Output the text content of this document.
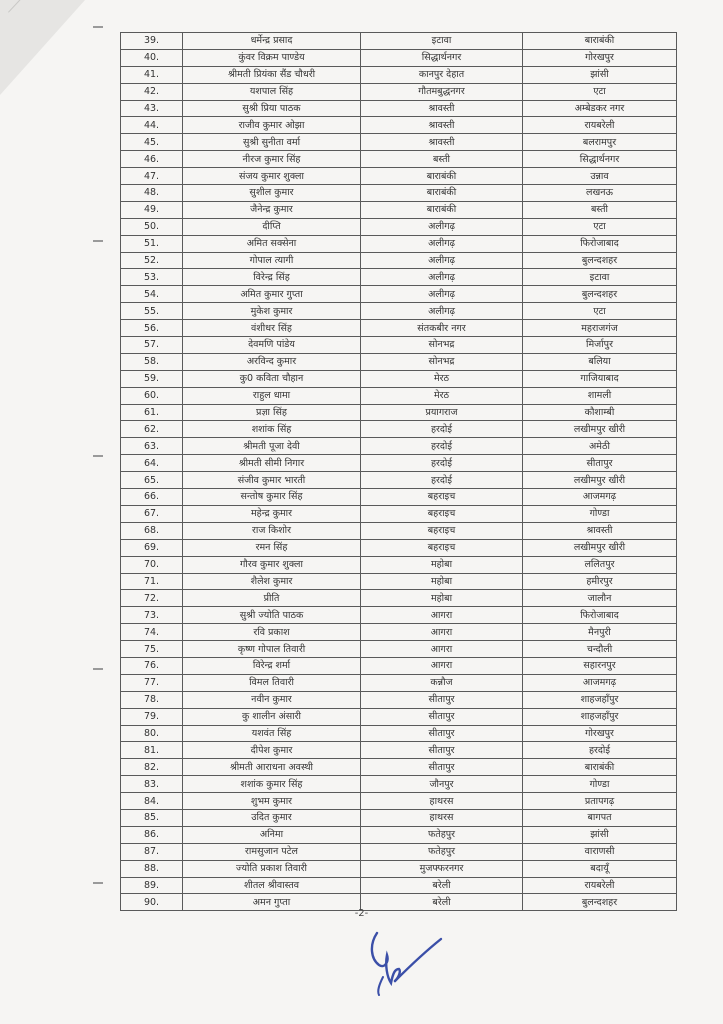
39.	धर्मेन्द्र प्रसाद	इटावा	बाराबंकी
40.	कुंवर विक्रम पाण्डेय	सिद्धार्थनगर	गोरखपुर
41.	श्रीमती प्रियंका सैंड चौधरी	कानपुर देहात	झांसी
42.	यशपाल सिंह	गौतमबुद्धनगर	एटा
43.	सुश्री प्रिया पाठक	श्रावस्ती	अम्बेडकर नगर
44.	राजीव कुमार ओझा	श्रावस्ती	रायबरेली
45.	सुश्री सुनीता वर्मा	श्रावस्ती	बलरामपुर
46.	नीरज कुमार सिंह	बस्ती	सिद्धार्थनगर
47.	संजय कुमार शुक्ला	बाराबंकी	उन्नाव
48.	सुशील कुमार	बाराबंकी	लखनऊ
49.	जैनेन्द्र कुमार	बाराबंकी	बस्ती
50.	दीप्ति	अलीगढ़	एटा
51.	अमित सक्सेना	अलीगढ़	फिरोजाबाद
52.	गोपाल त्यागी	अलीगढ़	बुलन्दशहर
53.	विरेन्द्र सिंह	अलीगढ़	इटावा
54.	अमित कुमार गुप्ता	अलीगढ़	बुलन्दशहर
55.	मुकेश कुमार	अलीगढ़	एटा
56.	वंशीधर सिंह	संतकबीर नगर	महराजगंज
57.	देवमणि पांडेय	सोनभद्र	मिर्जापुर
58.	अरविन्द कुमार	सोनभद्र	बलिया
59.	कु0 कविता चौहान	मेरठ	गाजियाबाद
60.	राहुल धामा	मेरठ	शामली
61.	प्रज्ञा सिंह	प्रयागराज	कौशाम्बी
62.	शशांक सिंह	हरदोई	लखीमपुर खीरी
63.	श्रीमती पूजा देवी	हरदोई	अमेठी
64.	श्रीमती सीमी निगार	हरदोई	सीतापुर
65.	संजीव कुमार भारती	हरदोई	लखीमपुर खीरी
66.	सन्तोष कुमार सिंह	बहराइच	आजमगढ़
67.	महेन्द्र कुमार	बहराइच	गोण्डा
68.	राज किशोर	बहराइच	श्रावस्ती
69.	रमन सिंह	बहराइच	लखीमपुर खीरी
70.	गौरव कुमार शुक्ला	महोबा	ललितपुर
71.	शैलेश कुमार	महोबा	हमीरपुर
72.	प्रीति	महोबा	जालौन
73.	सुश्री ज्योति पाठक	आगरा	फिरोजाबाद
74.	रवि प्रकाश	आगरा	मैनपुरी
75.	कृष्ण गोपाल तिवारी	आगरा	चन्दौली
76.	विरेन्द्र शर्मा	आगरा	सहारनपुर
77.	विमल तिवारी	कन्नौज	आजमगढ़
78.	नवीन कुमार	सीतापुर	शाहजहाँपुर
79.	कु शालीन अंसारी	सीतापुर	शाहजहाँपुर
80.	यशवंत सिंह	सीतापुर	गोरखपुर
81.	दीपेश कुमार	सीतापुर	हरदोई
82.	श्रीमती आराधना अवस्थी	सीतापुर	बाराबंकी
83.	शशांक कुमार सिंह	जौनपुर	गोण्डा
84.	शुभम कुमार	हाथरस	प्रतापगढ़
85.	उदित कुमार	हाथरस	बागपत
86.	अनिमा	फतेहपुर	झांसी
87.	रामसुजान पटेल	फतेहपुर	वाराणसी
88.	ज्योति प्रकाश तिवारी	मुजफ्फरनगर	बदायूँ
89.	शीतल श्रीवास्तव	बरेली	रायबरेली
90.	अमन गुप्ता	बरेली	बुलन्दशहर
-2-
